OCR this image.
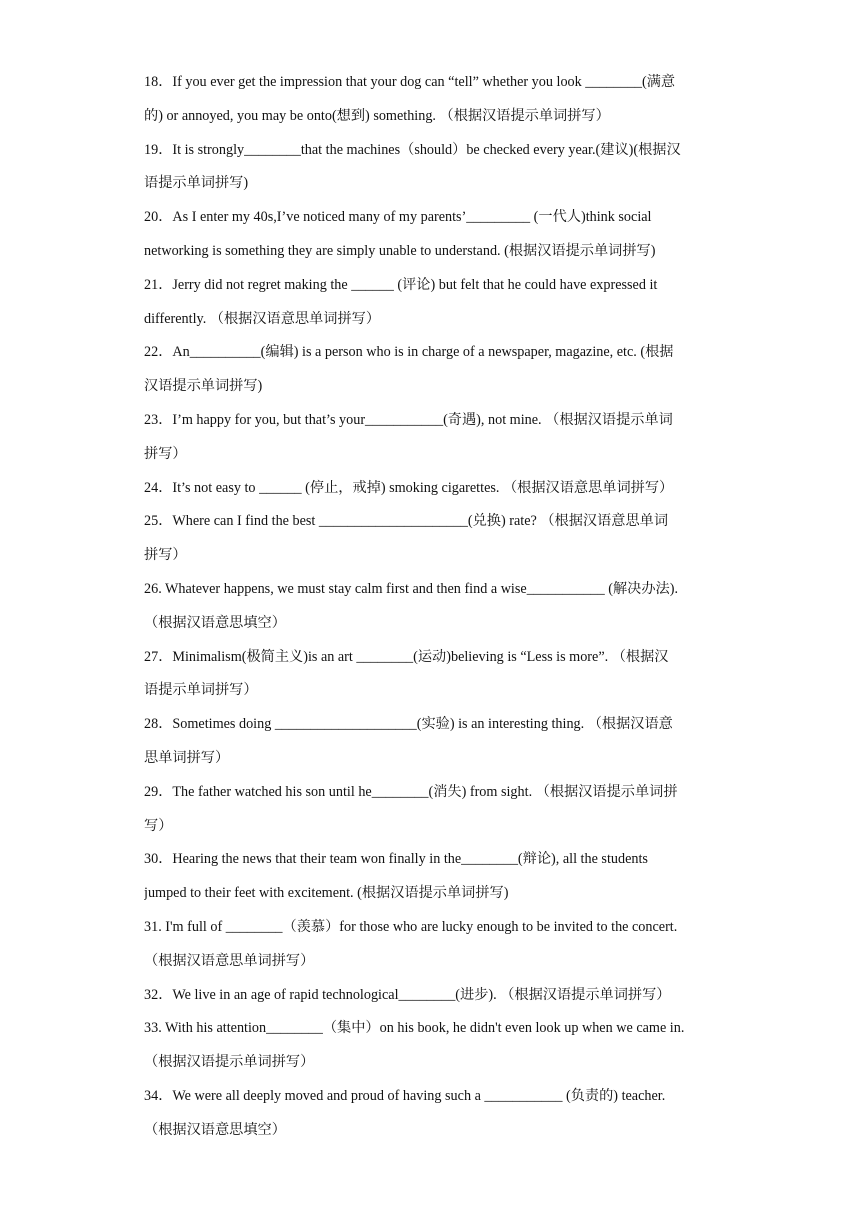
18．If you ever get the impression that your dog can “tell” whether you look ________(满意
的) or annoyed, you may be onto(想到) something. （根据汉语提示单词拼写）
19．It is strongly________that the machines（should）be checked every year.(建议)(根据汉
语提示单词拼写)
20．As I enter my 40s,I’ve noticed many of my parents’_________ (一代人)think social
networking is something they are simply unable to understand. (根据汉语提示单词拼写)
21．Jerry did not regret making the ______ (评论) but felt that he could have expressed it
differently. （根据汉语意思单词拼写）
22．An__________(编辑) is a person who is in charge of a newspaper, magazine, etc. (根据
汉语提示单词拼写)
23．I’m happy for you, but that’s your___________(奇遇), not mine. （根据汉语提示单词
拼写）
24．It’s not easy to ______ (停止，戒掉) smoking cigarettes. （根据汉语意思单词拼写）
25．Where can I find the best _____________________(兑换) rate? （根据汉语意思单词
拼写）
26. Whatever happens, we must stay calm first and then find a wise___________ (解决办法).
（根据汉语意思填空）
27．Minimalism(极简主义)is an art ________(运动)believing is “Less is more”. （根据汉
语提示单词拼写）
28．Sometimes doing ____________________(实验) is an interesting thing. （根据汉语意
思单词拼写）
29．The father watched his son until he________(消失) from sight. （根据汉语提示单词拼
写）
30．Hearing the news that their team won finally in the________(辩论), all the students
jumped to their feet with excitement. (根据汉语提示单词拼写)
31. I'm full of ________（羡慕）for those who are lucky enough to be invited to the concert.
（根据汉语意思单词拼写）
32．We live in an age of rapid technological________(进步). （根据汉语提示单词拼写）
33. With his attention________（集中）on his book, he didn't even look up when we came in.
（根据汉语提示单词拼写）
34．We were all deeply moved and proud of having such a ___________ (负责的) teacher.
（根据汉语意思填空）
